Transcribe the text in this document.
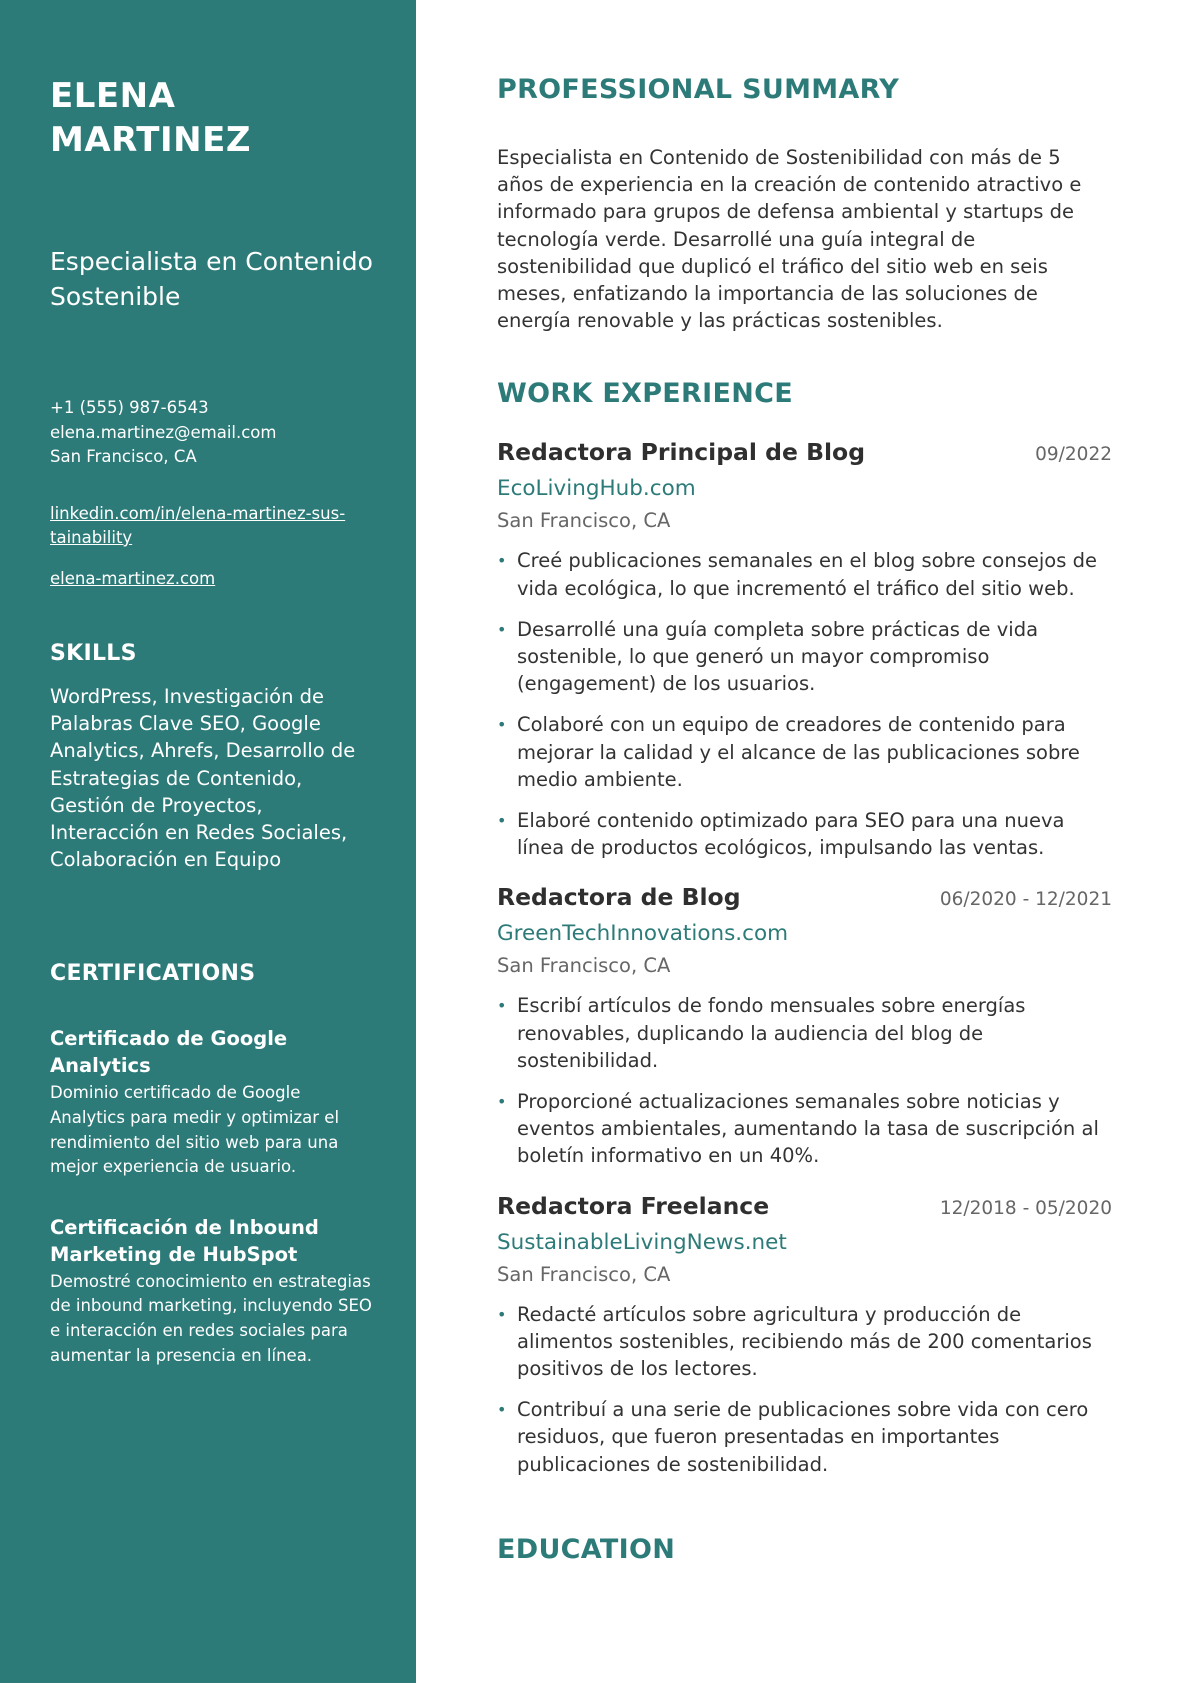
ELENA MARTINEZ
Especialista en Contenido Sostenible
+1 (555) 987-6543
elena.martinez@email.com
San Francisco, CA
linkedin.com/in/elena-martinez-sus-tainability
elena-martinez.com
SKILLS

WordPress, Investigación de Palabras Clave SEO, Google Analytics, Ahrefs, Desarrollo de Estrategias de Contenido, Gestión de Proyectos, Interacción en Redes Sociales, Colaboración en Equipo

CERTIFICATIONS
Certificado de Google Analytics
Dominio certificado de Google Analytics para medir y optimizar el rendimiento del sitio web para una mejor experiencia de usuario.
Certificación de Inbound Marketing de HubSpot
Demostré conocimiento en estrategias de inbound marketing, incluyendo SEO e interacción en redes sociales para aumentar la presencia en línea.
PROFESSIONAL SUMMARY

Especialista en Contenido de Sostenibilidad con más de 5 años de experiencia en la creación de contenido atractivo e informado para grupos de defensa ambiental y startups de tecnología verde. Desarrollé una guía integral de sostenibilidad que duplicó el tráfico del sitio web en seis meses, enfatizando la importancia de las soluciones de energía renovable y las prácticas sostenibles.

WORK EXPERIENCE
Redactora Principal de Blog	09/2022
EcoLivingHub.com
San Francisco, CA
• Creé publicaciones semanales en el blog sobre consejos de vida ecológica, lo que incrementó el tráfico del sitio web.
• Desarrollé una guía completa sobre prácticas de vida sostenible, lo que generó un mayor compromiso (engagement) de los usuarios.
• Colaboré con un equipo de creadores de contenido para mejorar la calidad y el alcance de las publicaciones sobre medio ambiente.
• Elaboré contenido optimizado para SEO para una nueva línea de productos ecológicos, impulsando las ventas.
Redactora de Blog	06/2020 - 12/2021
GreenTechInnovations.com
San Francisco, CA
• Escribí artículos de fondo mensuales sobre energías renovables, duplicando la audiencia del blog de sostenibilidad.
• Proporcioné actualizaciones semanales sobre noticias y eventos ambientales, aumentando la tasa de suscripción al boletín informativo en un 40%.
Redactora Freelance	12/2018 - 05/2020
SustainableLivingNews.net
San Francisco, CA
• Redacté artículos sobre agricultura y producción de alimentos sostenibles, recibiendo más de 200 comentarios positivos de los lectores.
• Contribuí a una serie de publicaciones sobre vida con cero residuos, que fueron presentadas en importantes publicaciones de sostenibilidad.
EDUCATION
